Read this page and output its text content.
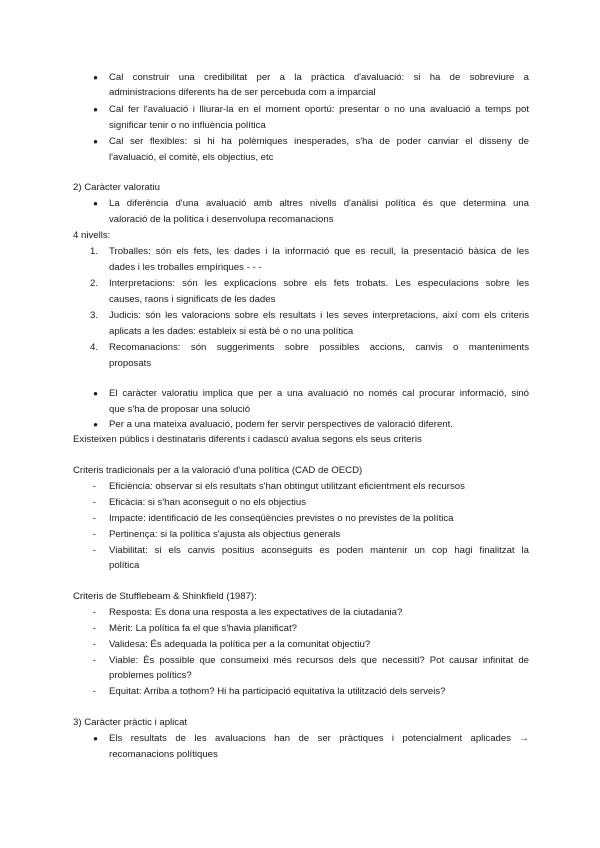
● Cal construir una credibilitat per a la pràctica d'avaluació: si ha de sobreviure a
administracions diferents ha de ser percebuda com a imparcial
● Cal fer l'avaluació i lliurar-la en el moment oportú: presentar o no una avaluació a temps pot
significar tenir o no influència política
● Cal ser flexibles: si hi ha polèmiques inesperades, s'ha de poder canviar el disseny de
l'avaluació, el comitè, els objectius, etc
2) Caràcter valoratiu
● La diferència d'una avaluació amb altres nivells d'anàlisi política és que determina una
valoració de la política i desenvolupa recomanacions
4 nivells:
1. Troballes: són els fets, les dades i la informació que es recull, la presentació bàsica de les
dades i les troballes empíriques - - -
2. Interpretacions: són les explicacions sobre els fets trobats. Les especulacions sobre les
causes, raons i significats de les dades
3. Judicis: són les valoracions sobre els resultats i les seves interpretacions, així com els criteris
aplicats a les dades: estableix si està bé o no una política
4. Recomanacions: són suggeriments sobre possibles accions, canvis o manteniments
proposats
● El caràcter valoratiu implica que per a una avaluació no només cal procurar informació, sinó
que s'ha de proposar una solució
● Per a una mateixa avaluació, podem fer servir perspectives de valoració diferent.
Existeixen públics i destinataris diferents i cadascú avalua segons els seus criteris
Criteris tradicionals per a la valoració d'una política (CAD de OECD)
- Eficiència: observar si els resultats s'han obtingut utilitzant eficientment els recursos
- Eficàcia: si s'han aconseguit o no els objectius
- Impacte: identificació de les conseqüències previstes o no previstes de la política
- Pertinença: si la política s'ajusta als objectius generals
- Viabilitat: si els canvis positius aconseguits es poden mantenir un cop hagi finalitzat la
política
Criteris de Stufflebeam & Shinkfield (1987):
- Resposta: Es dona una resposta a les expectatives de la ciutadania?
- Mèrit: La política fa el que s'havia planificat?
- Validesa: És adequada la política per a la comunitat objectiu?
- Viable: És possible que consumeixi més recursos dels que necessiti? Pot causar infinitat de
problemes polítics?
- Equitat: Arriba a tothom? Hi ha participació equitativa la utilització dels serveis?
3) Caràcter pràctic i aplicat
● Els resultats de les avaluacions han de ser pràctiques i potencialment aplicades →
recomanacions polítiques
